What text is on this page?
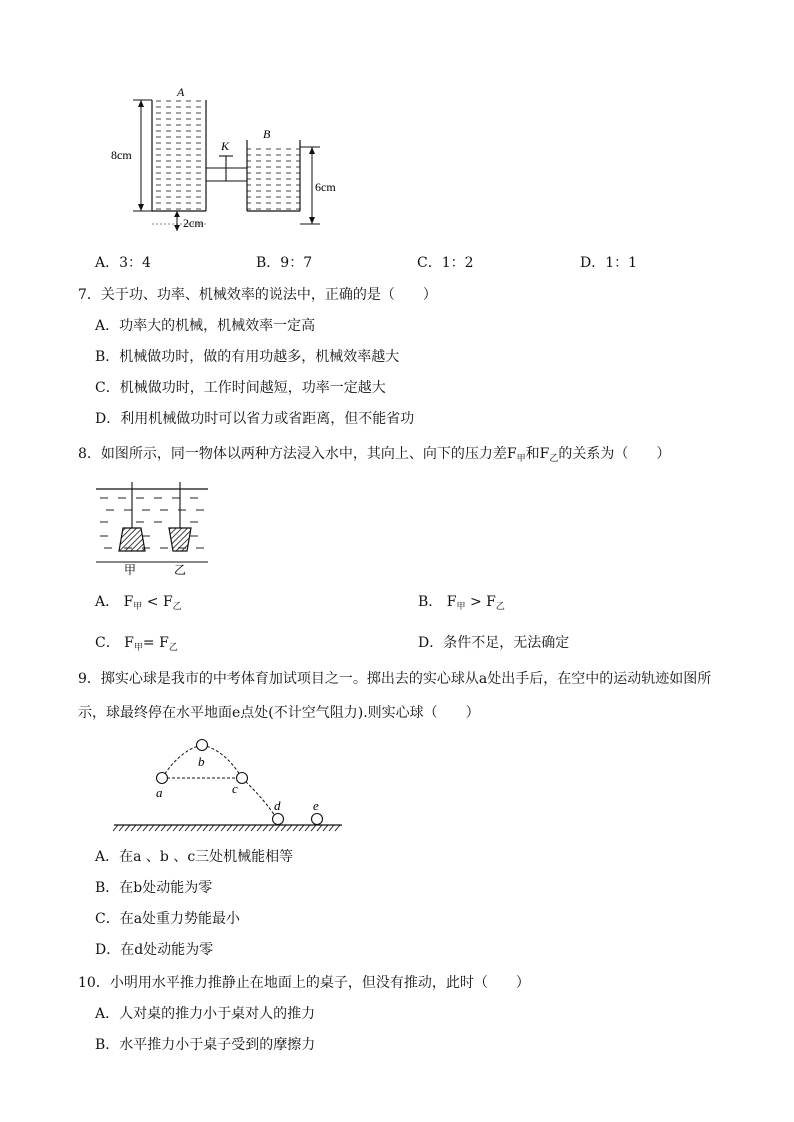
A
B
K
8cm
6cm
2cm
A．3：4	B．9：7	C．1：2	D．1：1
7．关于功、功率、机械效率的说法中，正确的是（　　）
A．功率大的机械，机械效率一定高
B．机械做功时，做的有用功越多，机械效率越大
C．机械做功时，工作时间越短，功率一定越大
D．利用机械做功时可以省力或省距离，但不能省功
8．如图所示，同一物体以两种方法浸入水中，其向上、向下的压力差$F_甲$和$F_乙$的关系为（　　）
甲	乙
A． $F_甲 < F_乙$	B． $F_甲 > F_乙$
C． $F_甲= F_乙$	D．条件不足，无法确定
9．掷实心球是我市的中考体育加试项目之一。掷出去的实心球从a处出手后，在空中的运动轨迹如图所
示，球最终停在水平地面e点处(不计空气阻力).则实心球（　　）
a
b
c
d	e
A．在a 、b 、c三处机械能相等
B．在b处动能为零
C．在a处重力势能最小
D．在d处动能为零
10．小明用水平推力推静止在地面上的桌子，但没有推动，此时（　　）
A．人对桌的推力小于桌对人的推力
B．水平推力小于桌子受到的摩擦力
